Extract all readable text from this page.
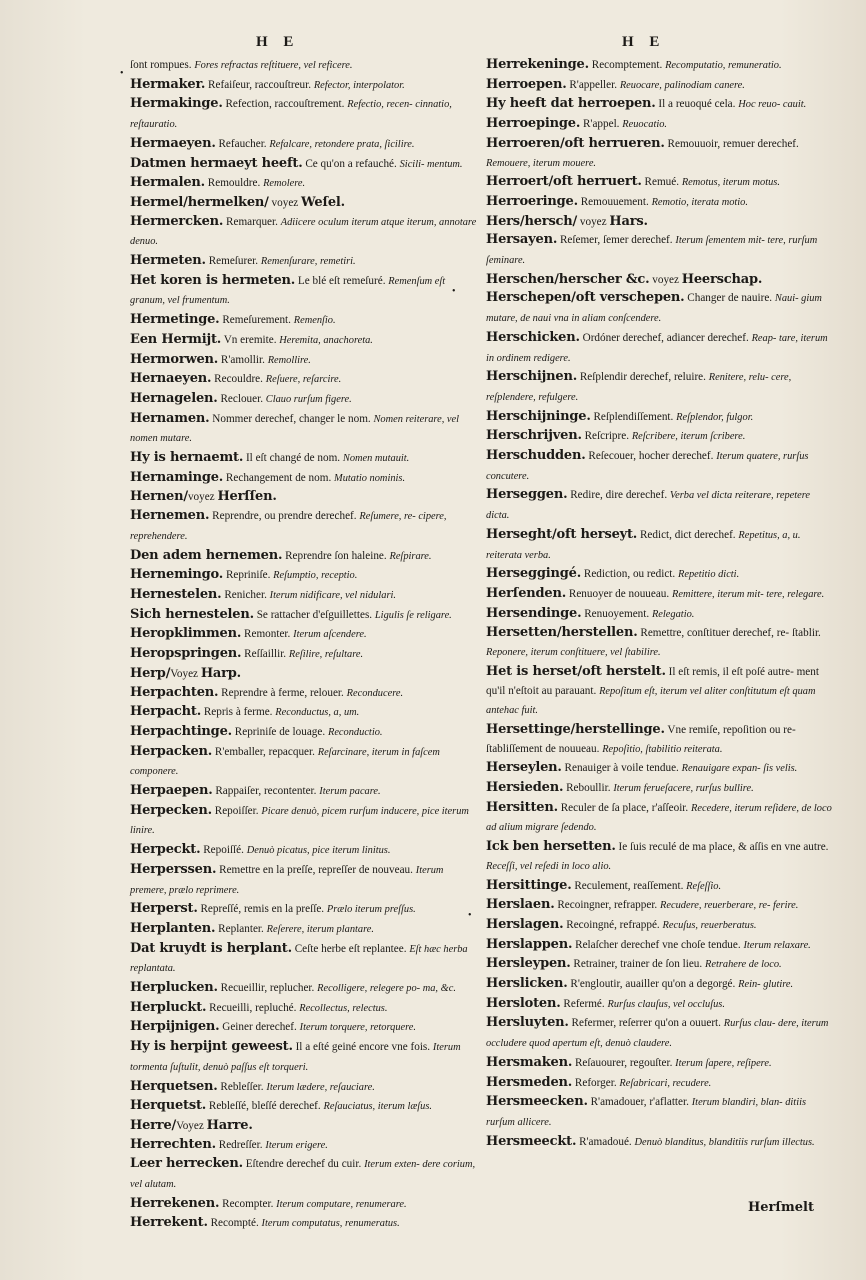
H E	H E
•
•
•

ſont rompues. Fores refractas reſtituere, vel reficere.

Hermaker. Refaiſeur, raccouſtreur. Refector, interpolator.

Hermakinge. Refection, raccouſtrement. Refectio, recen- cinnatio, reſtauratio.

Hermaeyen. Refaucher. Refalcare, retondere prata, ſicilire.

Datmen hermaeyt heeft. Ce qu'on a refauché. Sicili- mentum.

Hermalen. Remouldre. Remolere.

Hermel/hermelken/ voyez Weſel.

Hermercken. Remarquer. Adiicere oculum iterum atque iterum, annotare denuo.

Hermeten. Remeſurer. Remenſurare, remetiri.

Het koren is hermeten. Le blé eſt remeſuré. Remenſum eſt granum, vel frumentum.

Hermetinge. Remeſurement. Remenſio.

Een Hermijt. Vn eremite. Heremita, anachoreta.

Hermorwen. R'amollir. Remollire.

Hernaeyen. Recouldre. Reſuere, reſarcire.

Hernagelen. Reclouer. Clauo rurſum figere.

Hernamen. Nommer derechef, changer le nom. Nomen reiterare, vel nomen mutare.

Hy is hernaemt. Il eſt changé de nom. Nomen mutauit.

Hernaminge. Rechangement de nom. Mutatio nominis.

Hernen/voyez Herſſen.

Hernemen. Reprendre, ou prendre derechef. Reſumere, re- cipere, reprehendere.

Den adem hernemen. Reprendre ſon haleine. Reſpirare.

Hernemingo. Repriniſe. Reſumptio, receptio.

Hernestelen. Renicher. Iterum nidificare, vel nidulari.

Sich hernestelen. Se rattacher d'eſguillettes. Ligulis ſe religare.

Heropklimmen. Remonter. Iterum aſcendere.

Heropspringen. Reſſaillir. Reſilire, reſultare.

Herp/Voyez Harp.

Herpachten. Reprendre à ferme, relouer. Reconducere.

Herpacht. Repris à ferme. Reconductus, a, um.

Herpachtinge. Repriniſe de louage. Reconductio.

Herpacken. R'emballer, repacquer. Reſarcinare, iterum in faſcem componere.

Herpaepen. Rappaiſer, recontenter. Iterum pacare.

Herpecken. Repoiſſer. Picare denuò, picem rurſum inducere, pice iterum linire.

Herpeckt. Repoiſſé. Denuò picatus, pice iterum linitus.

Herperssen. Remettre en la preſſe, repreſſer de nouveau. Iterum premere, prælo reprimere.

Herperst. Repreſſé, remis en la preſſe. Prælo iterum preſſus.

Herplanten. Replanter. Reſerere, iterum plantare.

Dat kruydt is herplant. Ceſte herbe eſt replantee. Eſt hæc herba replantata.

Herplucken. Recueillir, replucher. Recolligere, relegere po- ma, &c.

Herpluckt. Recueilli, repluché. Recollectus, relectus.

Herpijnigen. Geiner derechef. Iterum torquere, retorquere.

Hy is herpijnt geweest. Il a eſté geiné encore vne fois. Iterum tormenta ſuſtulit, denuò paſſus eſt torqueri.

Herquetsen. Rebleſſer. Iterum lædere, reſauciare.

Herquetst. Rebleſſé, bleſſé derechef. Reſauciatus, iterum læſus.

Herre/Voyez Harre.

Herrechten. Redreſſer. Iterum erigere.

Leer herrecken. Eſtendre derechef du cuir. Iterum exten- dere corium, vel alutam.

Herrekenen. Recompter. Iterum computare, renumerare.

Herrekent. Recompté. Iterum computatus, renumeratus.

Herrekeninge. Recomptement. Recomputatio, remuneratio.

Herroepen. R'appeller. Reuocare, palinodiam canere.

Hy heeft dat herroepen. Il a reuoqué cela. Hoc reuo- cauit.

Herroepinge. R'appel. Reuocatio.

Herroeren/oft herrueren. Remouuoir, remuer derechef. Remouere, iterum mouere.

Herroert/oft herruert. Remué. Remotus, iterum motus.

Herroeringe. Remouuement. Remotio, iterata motio.

Hers/hersch/ voyez Hars.

Hersayen. Reſemer, ſemer derechef. Iterum ſementem mit- tere, rurſum ſeminare.

Herschen/herscher &c. voyez Heerschap.

Herschepen/oft verschepen. Changer de nauire. Naui- gium mutare, de naui vna in aliam conſcendere.

Herschicken. Ordóner derechef, adiancer derechef. Reap- tare, iterum in ordinem redigere.

Herschijnen. Reſplendir derechef, reluire. Renitere, relu- cere, reſplendere, refulgere.

Herschijninge. Reſplendiſſement. Reſplendor, fulgor.

Herschrijven. Reſcripre. Reſcribere, iterum ſcribere.

Herschudden. Reſecouer, hocher derechef. Iterum quatere, rurſus concutere.

Herseggen. Redire, dire derechef. Verba vel dicta reiterare, repetere dicta.

Herseght/oft herseyt. Redict, dict derechef. Repetitus, a, u. reiterata verba.

Herseggingé. Rediction, ou redict. Repetitio dicti.

Herſenden. Renuoyer de nouueau. Remittere, iterum mit- tere, relegare.

Hersendinge. Renuoyement. Relegatio.

Hersetten/herstellen. Remettre, conſtituer derechef, re- ſtablir. Reponere, iterum conſtituere, vel ſtabilire.

Het is herset/oft herstelt. Il eſt remis, il eſt poſé autre- ment qu'il n'eſtoit au parauant. Repoſitum eſt, iterum vel aliter conſtitutum eſt quam antehac fuit.

Hersettinge/herstellinge. Vne remiſe, repoſition ou re- ſtabliſſement de nouueau. Repoſitio, ſtabilitio reiterata.

Herseylen. Renauiger à voile tendue. Renauigare expan- ſis velis.

Hersieden. Reboullir. Iterum ferueſacere, rurſus bullire.

Hersitten. Reculer de ſa place, r'aſſeoir. Recedere, iterum reſidere, de loco ad alium migrare ſedendo.

Ick ben hersetten. Ie ſuis reculé de ma place, & aſſis en vne autre. Receſſi, vel reſedi in loco alio.

Hersittinge. Reculement, reaſſement. Reſeſſio.

Herslaen. Recoingner, refrapper. Recudere, reuerberare, re- ferire.

Herslagen. Recoingné, refrappé. Recuſus, reuerberatus.

Herslappen. Relaſcher derechef vne choſe tendue. Iterum relaxare.

Hersleypen. Retrainer, trainer de ſon lieu. Retrahere de loco.

Herslicken. R'engloutir, auailler qu'on a degorgé. Rein- glutire.

Hersloten. Refermé. Rurſus clauſus, vel occluſus.

Hersluyten. Refermer, reſerrer qu'on a ouuert. Rurſus clau- dere, iterum occludere quod apertum eſt, denuò claudere.

Hersmaken. Reſauourer, regouſter. Iterum ſapere, reſipere.

Hersmeden. Reforger. Reſabricari, recudere.

Hersmeecken. R'amadouer, r'aflatter. Iterum blandiri, blan- ditiis rurſum allicere.

Hersmeeckt. R'amadoué. Denuò blanditus, blanditiis rurſum illectus.

Herſmelt
